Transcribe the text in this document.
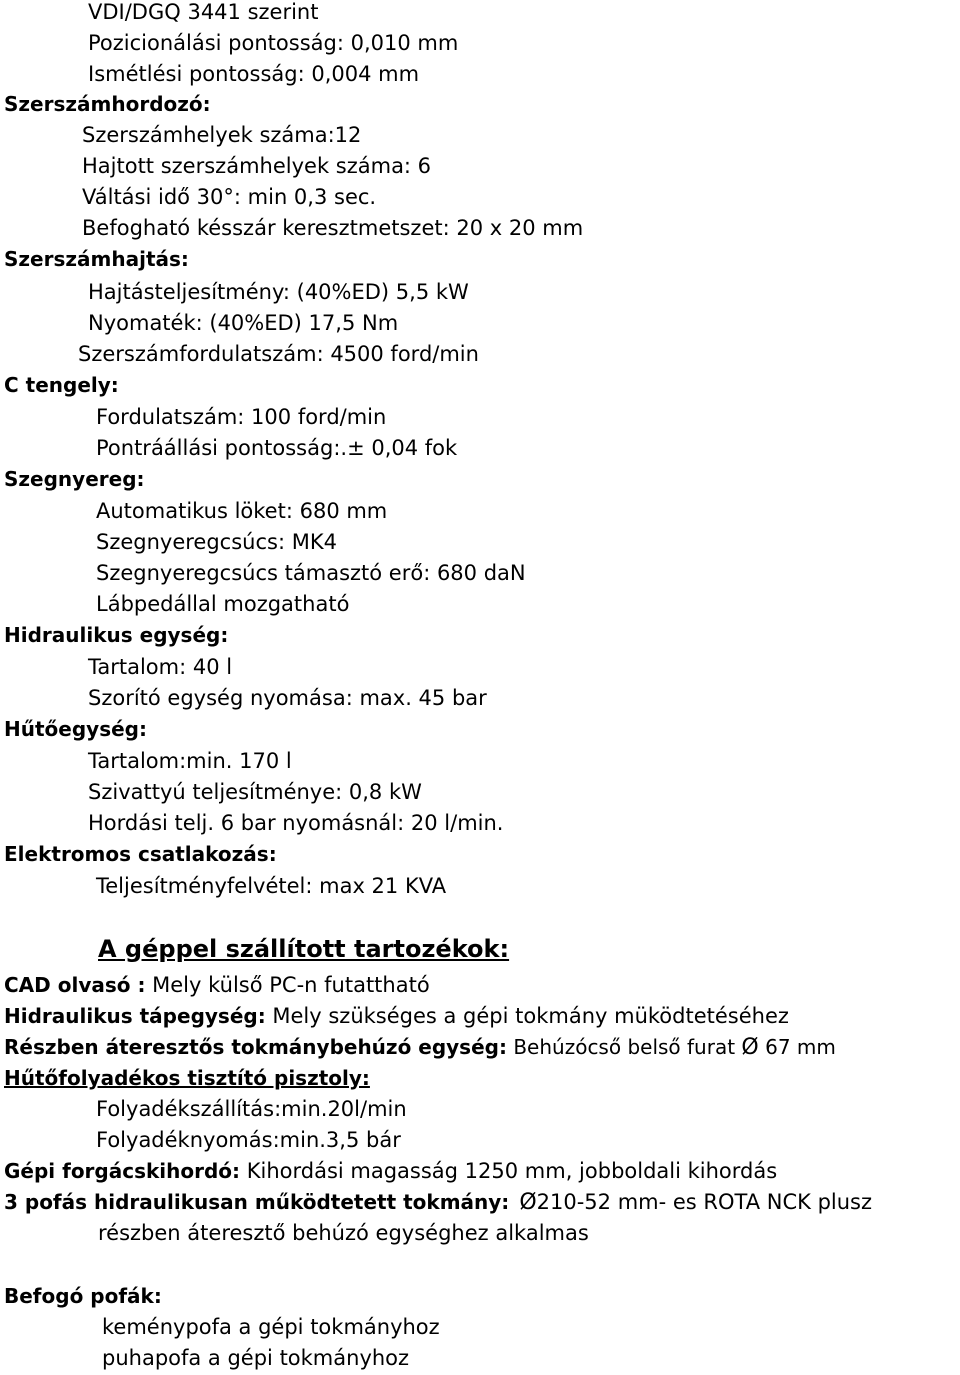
VDI/DGQ 3441 szerint
Pozicionálási pontosság: 0,010 mm
Ismétlési pontosság: 0,004 mm
Szerszámhordozó:
Szerszámhelyek száma:12
Hajtott szerszámhelyek száma: 6
Váltási idő 30°: min 0,3 sec.
Befogható késszár keresztmetszet: 20 x 20 mm
Szerszámhajtás:
Hajtásteljesítmény: (40%ED) 5,5 kW
Nyomaték: (40%ED) 17,5 Nm
Szerszámfordulatszám: 4500 ford/min
C tengely:
Fordulatszám: 100 ford/min
Pontráállási pontosság:.± 0,04 fok
Szegnyereg:
Automatikus löket: 680 mm
Szegnyeregcsúcs: MK4
Szegnyeregcsúcs támasztó erő: 680 daN
Lábpedállal mozgatható
Hidraulikus egység:
Tartalom: 40 l
Szorító egység nyomása: max. 45 bar
Hűtőegység:
Tartalom:min. 170 l
Szivattyú teljesítménye: 0,8 kW
Hordási telj. 6 bar nyomásnál: 20 l/min.
Elektromos csatlakozás:
Teljesítményfelvétel: max 21 KVA
A géppel szállított tartozékok:
CAD olvasó : Mely külső PC-n futattható
Hidraulikus tápegység: Mely szükséges a gépi tokmány müködtetéséhez
Részben áteresztős tokmánybehúzó egység: Behúzócső belső furat Ø 67 mm
Hűtőfolyadékos tisztító pisztoly:
Folyadékszállítás:min.20l/min
Folyadéknyomás:min.3,5 bár
Gépi forgácskihordó: Kihordási magasság 1250 mm, jobboldali kihordás
3 pofás hidraulikusan működtetett tokmány: Ø210-52 mm- es ROTA NCK plusz
részben áteresztő behúzó egységhez alkalmas
Befogó pofák:
keménypofa a gépi tokmányhoz
puhapofa a gépi tokmányhoz
